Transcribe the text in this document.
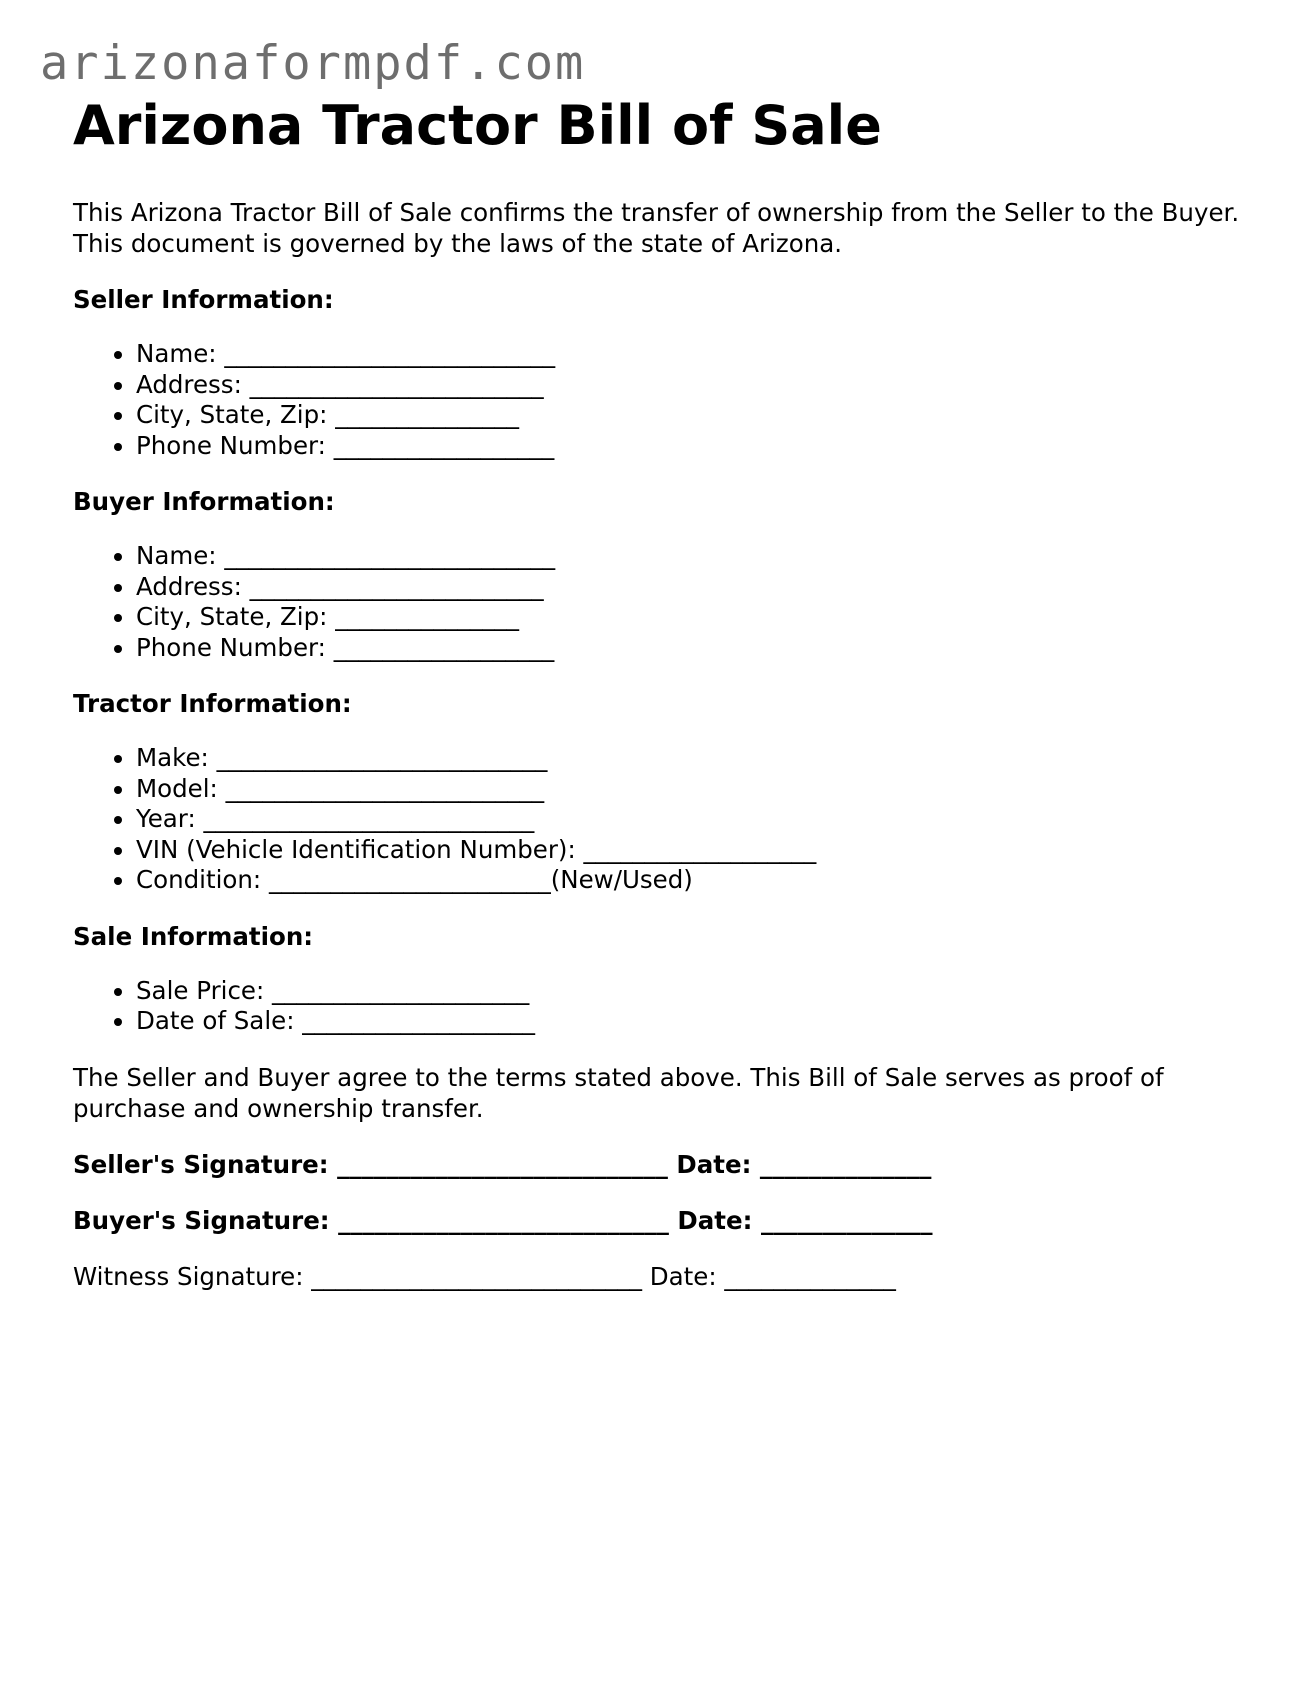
arizonaformpdf.com
Arizona Tractor Bill of Sale

This Arizona Tractor Bill of Sale confirms the transfer of ownership from the Seller to the Buyer. This document is governed by the laws of the state of Arizona.

Seller Information:
• Name: ___________________________
• Address: ________________________
• City, State, Zip: _______________
• Phone Number: __________________
Buyer Information:
• Name: ___________________________
• Address: ________________________
• City, State, Zip: _______________
• Phone Number: __________________
Tractor Information:
• Make: ___________________________
• Model: __________________________
• Year: ___________________________
• VIN (Vehicle Identification Number): ___________________
• Condition: _______________________(New/Used)
Sale Information:
• Sale Price: _____________________
• Date of Sale: ___________________

The Seller and Buyer agree to the terms stated above. This Bill of Sale serves as proof of purchase and ownership transfer.

Seller's Signature: ___________________________ Date: ______________
Buyer's Signature: ___________________________ Date: ______________
Witness Signature: ___________________________ Date: ______________
